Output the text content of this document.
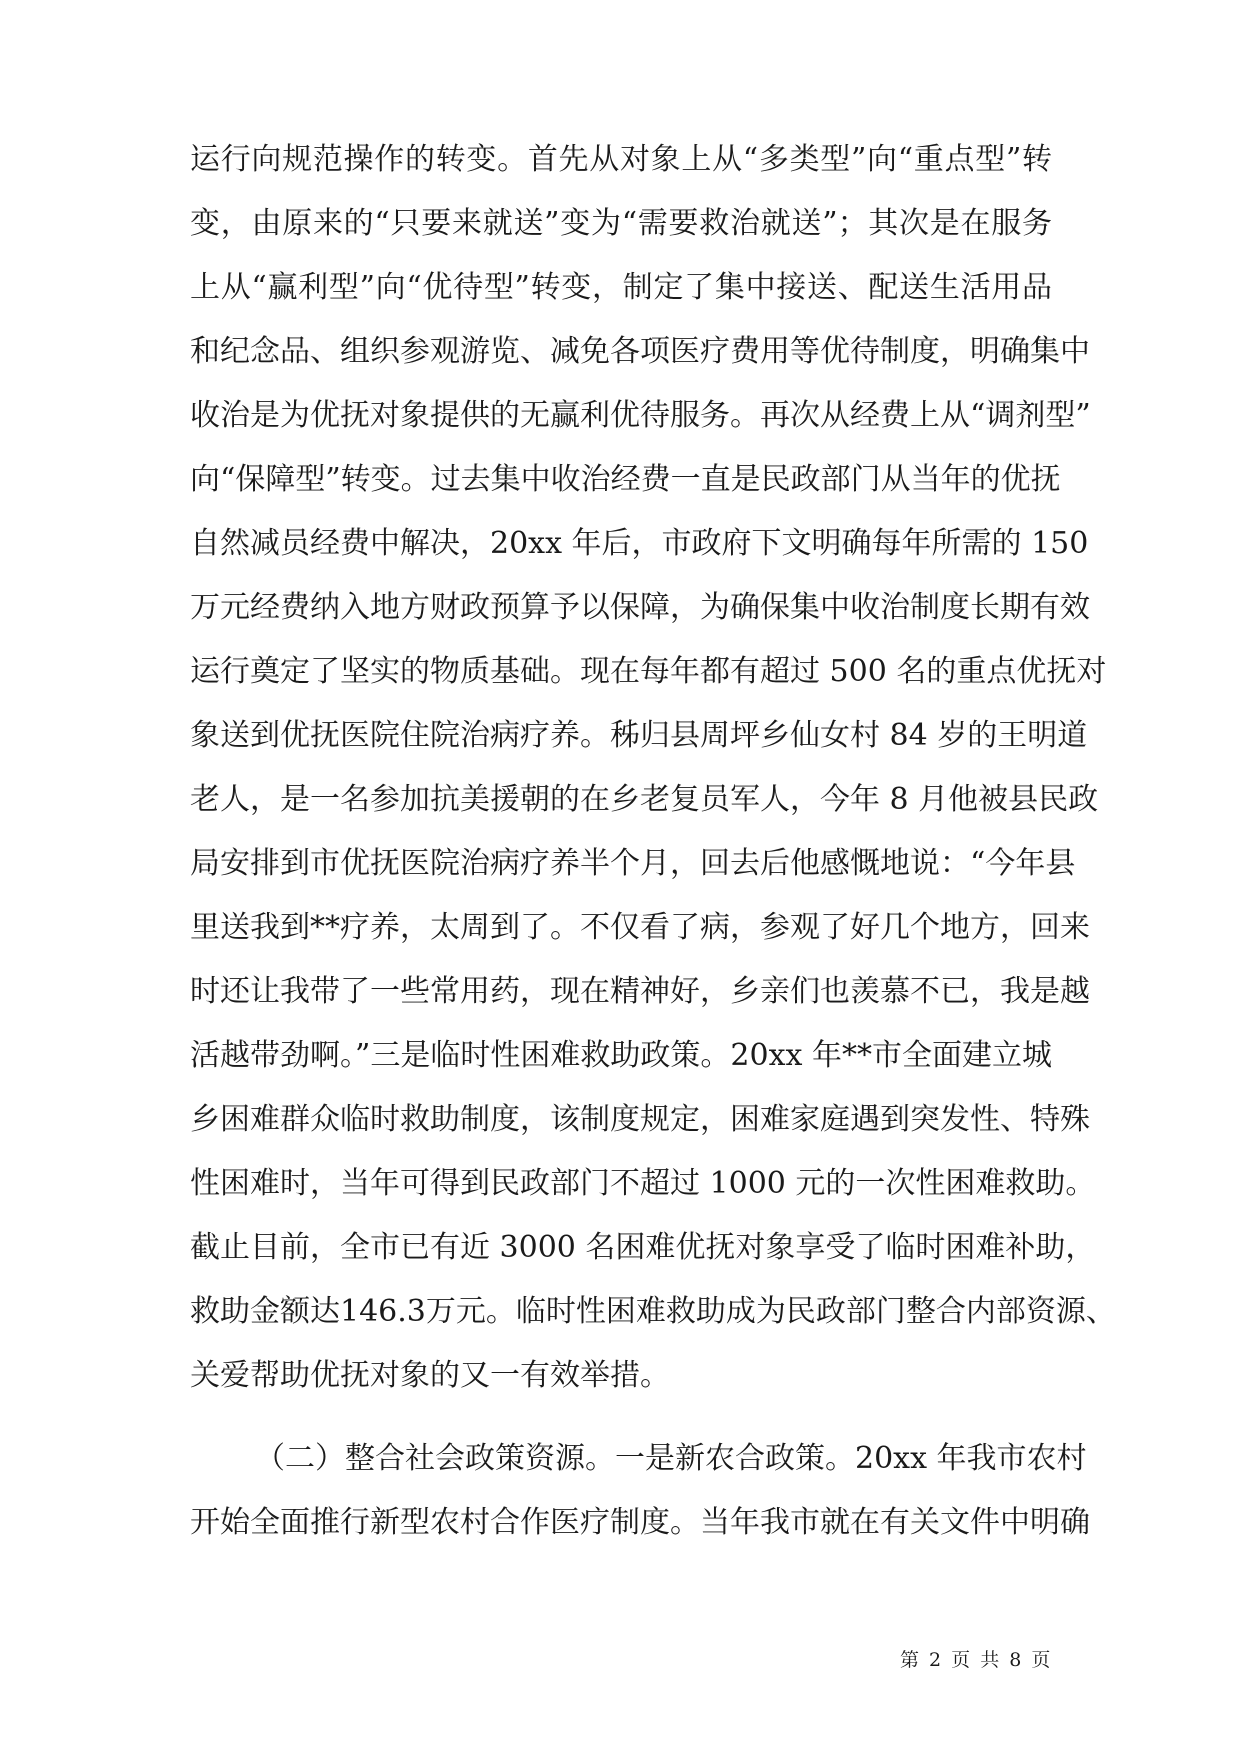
运行向规范操作的转变。首先从对象上从“多类型”向“重点型”转
变，由原来的“只要来就送”变为“需要救治就送”；其次是在服务
上从“赢利型”向“优待型”转变，制定了集中接送、配送生活用品
和纪念品、组织参观游览、减免各项医疗费用等优待制度，明确集中
收治是为优抚对象提供的无赢利优待服务。再次从经费上从“调剂型”
向“保障型”转变。过去集中收治经费一直是民政部门从当年的优抚
自然减员经费中解决，20xx 年后，市政府下文明确每年所需的 150
万元经费纳入地方财政预算予以保障，为确保集中收治制度长期有效
运行奠定了坚实的物质基础。现在每年都有超过 500 名的重点优抚对
象送到优抚医院住院治病疗养。秭归县周坪乡仙女村 84 岁的王明道
老人，是一名参加抗美援朝的在乡老复员军人，今年 8 月他被县民政
局安排到市优抚医院治病疗养半个月，回去后他感慨地说：“今年县
里送我到**疗养，太周到了。不仅看了病，参观了好几个地方，回来
时还让我带了一些常用药，现在精神好，乡亲们也羡慕不已，我是越
活越带劲啊。”三是临时性困难救助政策。20xx 年**市全面建立城
乡困难群众临时救助制度，该制度规定，困难家庭遇到突发性、特殊
性困难时，当年可得到民政部门不超过 1000 元的一次性困难救助。
截止目前，全市已有近 3000 名困难优抚对象享受了临时困难补助，
救助金额达146.3万元。临时性困难救助成为民政部门整合内部资源、
关爱帮助优抚对象的又一有效举措。
（二）整合社会政策资源。一是新农合政策。20xx 年我市农村
开始全面推行新型农村合作医疗制度。当年我市就在有关文件中明确
第 2 页 共 8 页
